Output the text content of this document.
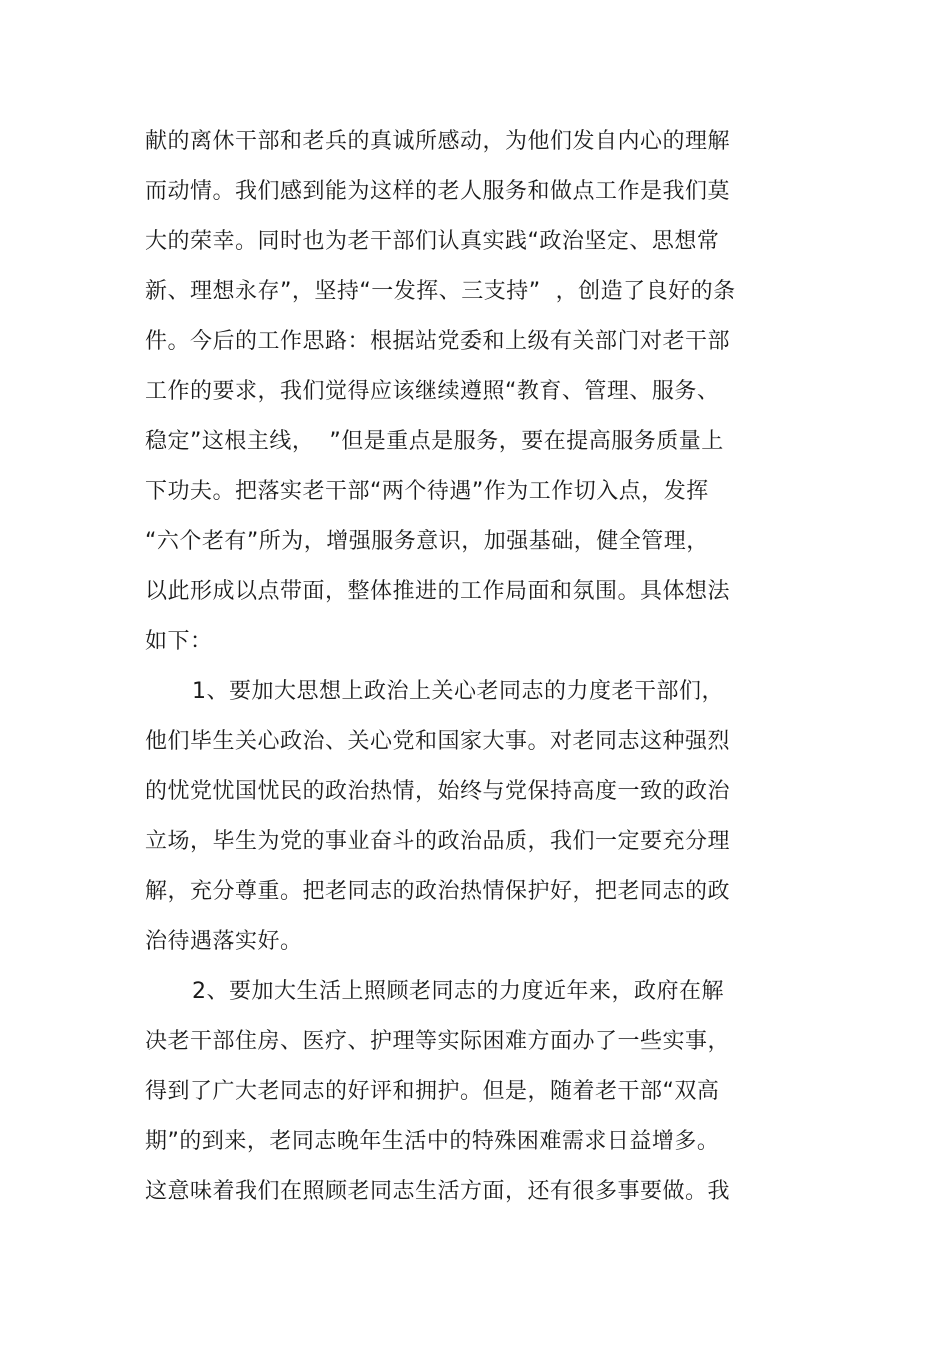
献的离休干部和老兵的真诚所感动，为他们发自内心的理解

而动情。我们感到能为这样的老人服务和做点工作是我们莫

大的荣幸。同时也为老干部们认真实践“政治坚定、思想常

新、理想永存”，坚持“一发挥、三支持”  ，创造了良好的条

件。今后的工作思路：根据站党委和上级有关部门对老干部

工作的要求，我们觉得应该继续遵照“教育、管理、服务、

稳定”这根主线，  ”但是重点是服务，要在提高服务质量上

下功夫。把落实老干部“两个待遇”作为工作切入点，发挥

“六个老有”所为，增强服务意识，加强基础，健全管理，

以此形成以点带面，整体推进的工作局面和氛围。具体想法

如下：

1、要加大思想上政治上关心老同志的力度老干部们，

他们毕生关心政治、关心党和国家大事。对老同志这种强烈

的忧党忧国忧民的政治热情，始终与党保持高度一致的政治

立场，毕生为党的事业奋斗的政治品质，我们一定要充分理

解，充分尊重。把老同志的政治热情保护好，把老同志的政

治待遇落实好。

2、要加大生活上照顾老同志的力度近年来，政府在解

决老干部住房、医疗、护理等实际困难方面办了一些实事，

得到了广大老同志的好评和拥护。但是，随着老干部“双高

期”的到来，老同志晚年生活中的特殊困难需求日益增多。

这意味着我们在照顾老同志生活方面，还有很多事要做。我
